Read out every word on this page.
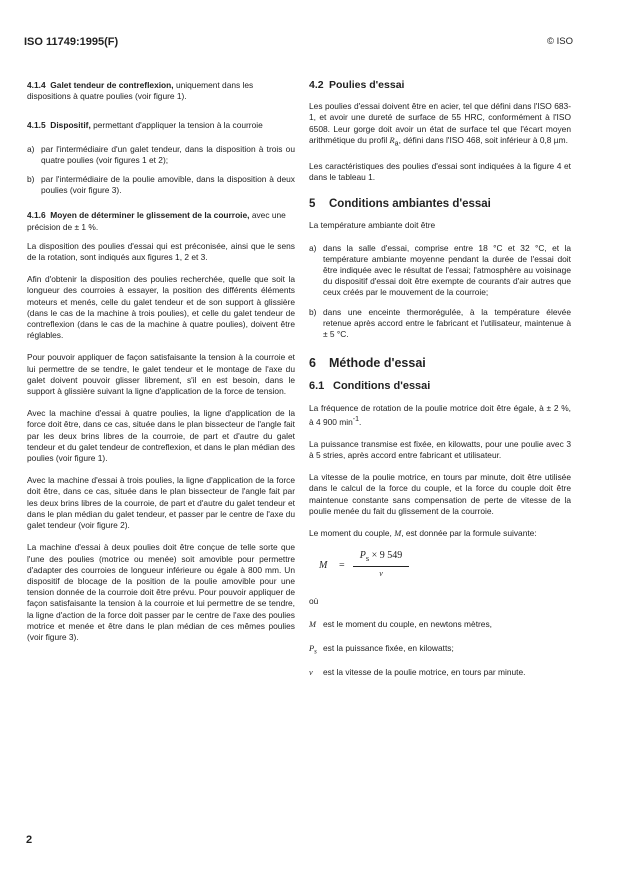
ISO 11749:1995(F)	© ISO
4.1.4 Galet tendeur de contreflexion, uniquement dans les dispositions à quatre poulies (voir figure 1).
4.1.5 Dispositif, permettant d'appliquer la tension à la courroie
a) par l'intermédiaire d'un galet tendeur, dans la disposition à trois ou quatre poulies (voir figures 1 et 2);
b) par l'intermédiaire de la poulie amovible, dans la disposition à deux poulies (voir figure 3).
4.1.6 Moyen de déterminer le glissement de la courroie, avec une précision de ± 1 %.

La disposition des poulies d'essai qui est préconisée, ainsi que le sens de la rotation, sont indiqués aux figures 1, 2 et 3.

Afin d'obtenir la disposition des poulies recherchée, quelle que soit la longueur des courroies à essayer, la position des différents éléments moteurs et menés, celle du galet tendeur et de son support à glissière (dans le cas de la machine à trois poulies), et celle du galet tendeur de contreflexion (dans le cas de la machine à quatre poulies), doivent être réglables.

Pour pouvoir appliquer de façon satisfaisante la tension à la courroie et lui permettre de se tendre, le galet tendeur et le montage de l'axe du galet doivent pouvoir glisser librement, s'il en est besoin, dans le support à glissière suivant la ligne d'application de la force de tension.

Avec la machine d'essai à quatre poulies, la ligne d'application de la force doit être, dans ce cas, située dans le plan bissecteur de l'angle fait par les deux brins libres de la courroie, de part et d'autre du galet tendeur et du galet tendeur de contreflexion, et dans le plan médian des poulies (voir figure 1).

Avec la machine d'essai à trois poulies, la ligne d'application de la force doit être, dans ce cas, située dans le plan bissecteur de l'angle fait par les deux brins libres de la courroie, de part et d'autre du galet tendeur et dans le plan médian du galet tendeur, et passer par le centre de l'axe du galet tendeur (voir figure 2).

La machine d'essai à deux poulies doit être conçue de telle sorte que l'une des poulies (motrice ou menée) soit amovible pour permettre d'adapter des courroies de longueur inférieure ou égale à 800 mm. Un dispositif de blocage de la position de la poulie amovible pour une tension donnée de la courroie doit être prévu. Pour pouvoir appliquer de façon satisfaisante la tension à la courroie et lui permettre de se tendre, la ligne d'action de la force doit passer par le centre de l'axe des poulies motrice et menée et être dans le plan médian de ces mêmes poulies (voir figure 3).

4.2 Poulies d'essai

Les poulies d'essai doivent être en acier, tel que défini dans l'ISO 683-1, et avoir une dureté de surface de 55 HRC, conformément à l'ISO 6508. Leur gorge doit avoir un état de surface tel que l'écart moyen arithmétique du profil $R_a$, défini dans l'ISO 468, soit inférieur à 0,8 µm.

Les caractéristiques des poulies d'essai sont indiquées à la figure 4 et dans le tableau 1.

5 Conditions ambiantes d'essai

La température ambiante doit être

a) dans la salle d'essai, comprise entre 18 °C et 32 °C, et la température ambiante moyenne pendant la durée de l'essai doit être indiquée avec le résultat de l'essai; l'atmosphère au voisinage du dispositif d'essai doit être exempte de courants d'air autres que ceux créés par le mouvement de la courroie;
b) dans une enceinte thermorégulée, à la température élevée retenue après accord entre le fabricant et l'utilisateur, maintenue à ± 5 °C.
6 Méthode d'essai
6.1 Conditions d'essai

La fréquence de rotation de la poulie motrice doit être égale, à ± 2 %, à 4 900 $\min^{-1}$.

La puissance transmise est fixée, en kilowatts, pour une poulie avec 3 à 5 stries, après accord entre fabricant et utilisateur.

La vitesse de la poulie motrice, en tours par minute, doit être utilisée dans le calcul de la force du couple, et la force du couple doit être maintenue constante sans compensation de perte de vitesse de la poulie menée du fait du glissement de la courroie.

Le moment du couple, M, est donnée par la formule suivante:

M =
$P_s \times 9$ 549
v

où

M est le moment du couple, en newtons mètres,
$P_s$ est la puissance fixée, en kilowatts;
v	est la vitesse de la poulie motrice, en tours par minute.
2
